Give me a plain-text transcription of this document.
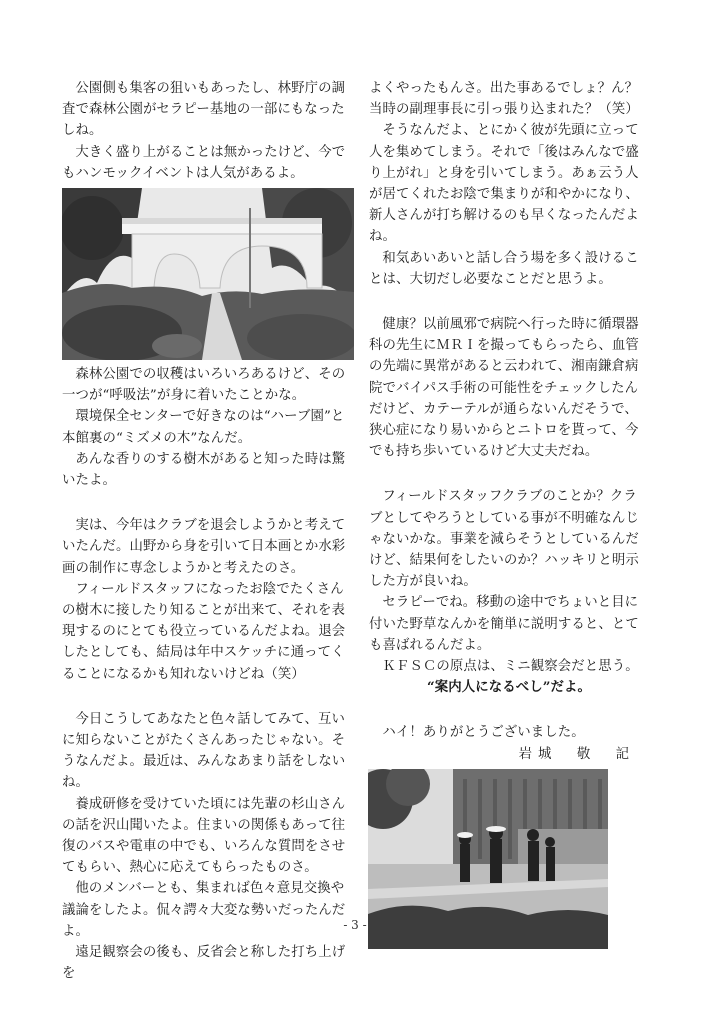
公園側も集客の狙いもあったし、林野庁の調査で森林公園がセラピー基地の一部にもなったしね。

大きく盛り上がることは無かったけど、今でもハンモックイベントは人気があるよ。

森林公園での収穫はいろいろあるけど、その一つが“呼吸法”が身に着いたことかな。

環境保全センターで好きなのは“ハーブ園”と本館裏の“ミズメの木”なんだ。

あんな香りのする樹木があると知った時は驚いたよ。

実は、今年はクラブを退会しようかと考えていたんだ。山野から身を引いて日本画とか水彩画の制作に専念しようかと考えたのさ。

フィールドスタッフになったお陰でたくさんの樹木に接したり知ることが出来て、それを表現するのにとても役立っているんだよね。退会したとしても、結局は年中スケッチに通ってくることになるかも知れないけどね（笑）

今日こうしてあなたと色々話してみて、互いに知らないことがたくさんあったじゃない。そうなんだよ。最近は、みんなあまり話をしないね。

養成研修を受けていた頃には先輩の杉山さんの話を沢山聞いたよ。住まいの関係もあって往復のバスや電車の中でも、いろんな質問をさせてもらい、熱心に応えてもらったものさ。

他のメンバーとも、集まれば色々意見交換や議論をしたよ。侃々諤々大変な勢いだったんだよ。

遠足観察会の後も、反省会と称した打ち上げを

よくやったもんさ。出た事あるでしょ？ん？当時の副理事長に引っ張り込まれた？（笑）

そうなんだよ、とにかく彼が先頭に立って人を集めてしまう。それで「後はみんなで盛り上がれ」と身を引いてしまう。あぁ云う人が居てくれたお陰で集まりが和やかになり、新人さんが打ち解けるのも早くなったんだよね。

和気あいあいと話し合う場を多く設けることは、大切だし必要なことだと思うよ。

健康？以前風邪で病院へ行った時に循環器科の先生にＭＲＩを撮ってもらったら、血管の先端に異常があると云われて、湘南鎌倉病院でバイパス手術の可能性をチェックしたんだけど、カテーテルが通らないんだそうで、狭心症になり易いからとニトロを貰って、今でも持ち歩いているけど大丈夫だね。

フィールドスタッフクラブのことか？クラブとしてやろうとしている事が不明確なんじゃないかな。事業を減らそうとしているんだけど、結果何をしたいのか？ハッキリと明示した方が良いね。

セラピーでね。移動の途中でちょいと目に付いた野草なんかを簡単に説明すると、とても喜ばれるんだよ。

ＫＦＳＣの原点は、ミニ観察会だと思う。

“案内人になるべし”だよ。

ハイ！ありがとうございました。

岩城　敬　記

- 3 -
